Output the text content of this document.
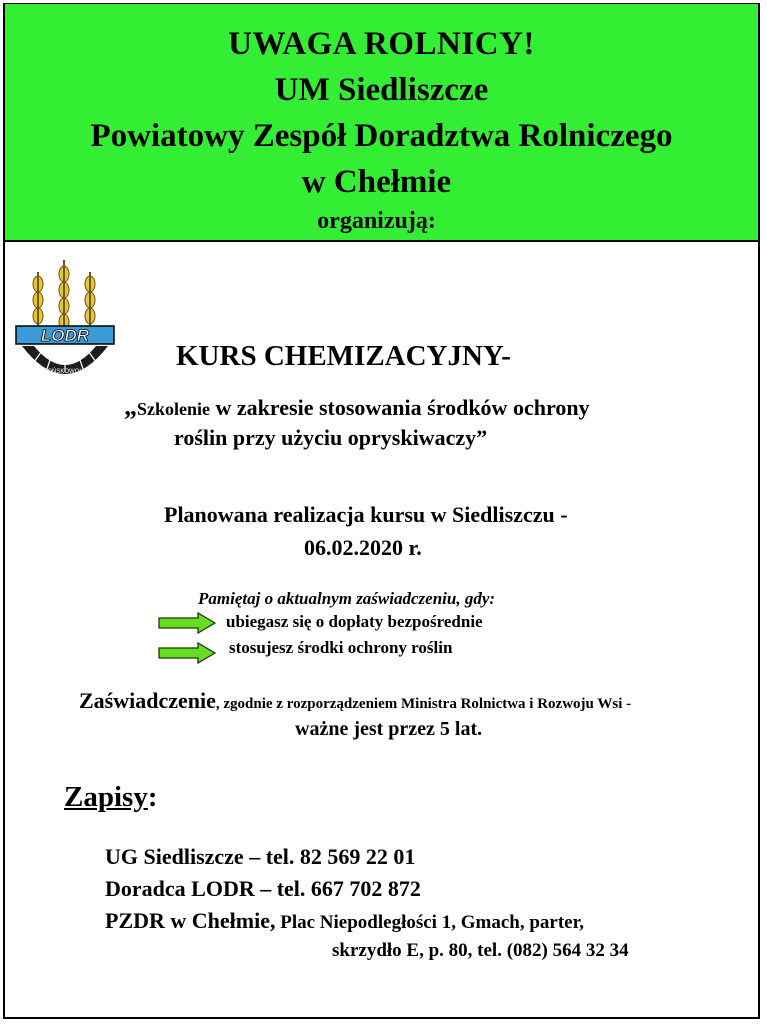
UWAGA ROLNICY!
UM Siedliszcze
Powiatowy Zespół Doradztwa Rolniczego
w Chełmie
organizują:
LODR
KOŃSKOWOLA	KURS CHEMIZACYJNY-
„Szkolenie w zakresie stosowania środków ochrony
roślin przy użyciu opryskiwaczy”
Planowana realizacja kursu w Siedliszczu -
06.02.2020 r.
Pamiętaj o aktualnym zaświadczeniu, gdy:
ubiegasz się o dopłaty bezpośrednie
stosujesz środki ochrony roślin
Zaświadczenie, zgodnie z rozporządzeniem Ministra Rolnictwa i Rozwoju Wsi -
ważne jest przez 5 lat.
Zapisy:
UG Siedliszcze – tel. 82 569 22 01
Doradca LODR – tel. 667 702 872
PZDR w Chełmie, Plac Niepodległości 1, Gmach, parter,
skrzydło E, p. 80, tel. (082) 564 32 34
